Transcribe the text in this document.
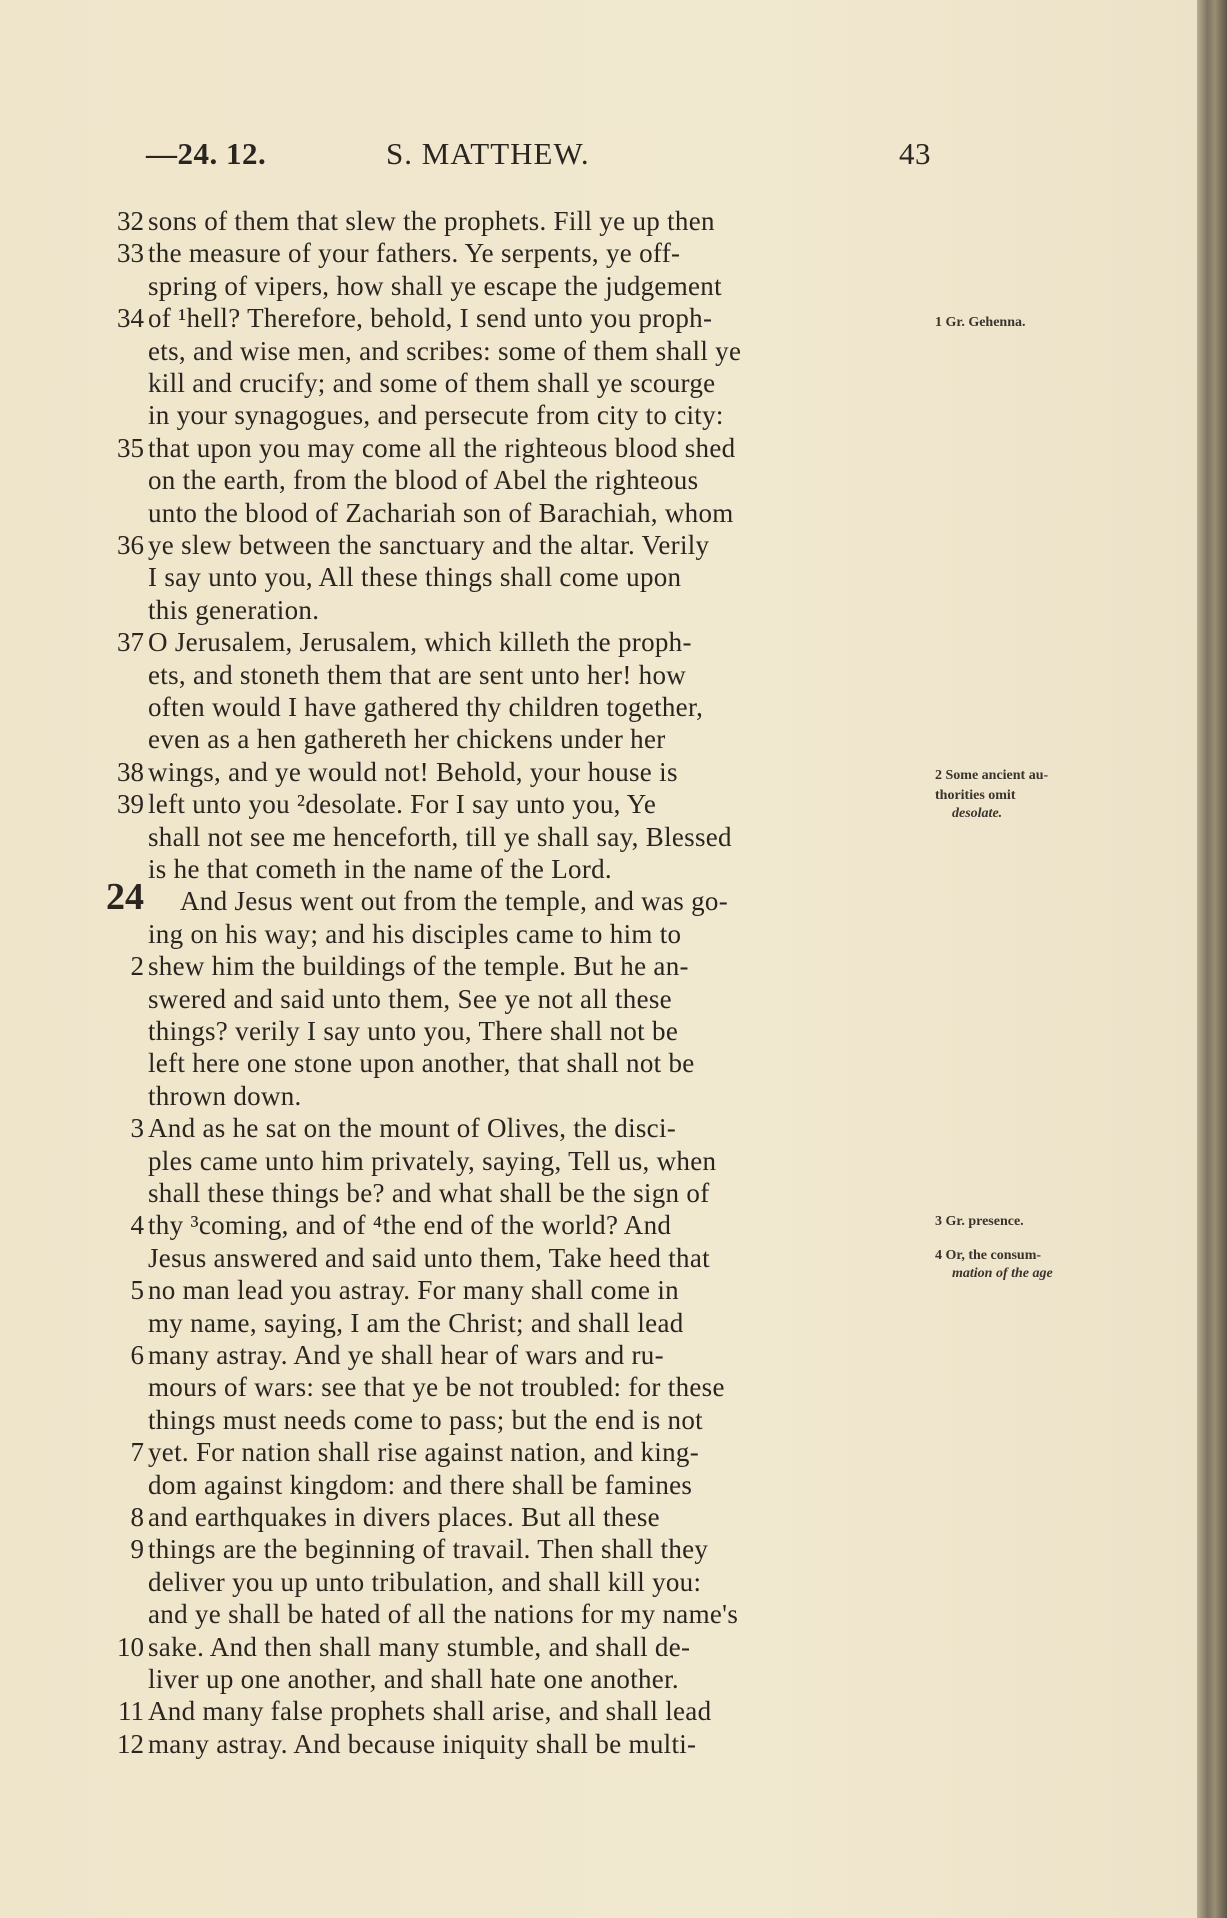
—24. 12.	S. MATTHEW.	43
32 sons of them that slew the prophets. Fill ye up then
33 the measure of your fathers. Ye serpents, ye off-
spring of vipers, how shall ye escape the judgement
34 of ¹hell? Therefore, behold, I send unto you proph-
ets, and wise men, and scribes: some of them shall ye
kill and crucify; and some of them shall ye scourge
in your synagogues, and persecute from city to city:
35 that upon you may come all the righteous blood shed
on the earth, from the blood of Abel the righteous
unto the blood of Zachariah son of Barachiah, whom
36 ye slew between the sanctuary and the altar. Verily
I say unto you, All these things shall come upon
this generation.
37 O Jerusalem, Jerusalem, which killeth the proph-
ets, and stoneth them that are sent unto her! how
often would I have gathered thy children together,
even as a hen gathereth her chickens under her
38 wings, and ye would not! Behold, your house is
39 left unto you ²desolate. For I say unto you, Ye
shall not see me henceforth, till ye shall say, Blessed
is he that cometh in the name of the Lord.
And Jesus went out from the temple, and was go-
ing on his way; and his disciples came to him to
2 shew him the buildings of the temple. But he an-
swered and said unto them, See ye not all these
things? verily I say unto you, There shall not be
left here one stone upon another, that shall not be
thrown down.
3 And as he sat on the mount of Olives, the disci-
ples came unto him privately, saying, Tell us, when
shall these things be? and what shall be the sign of
4 thy ³coming, and of ⁴the end of the world? And
Jesus answered and said unto them, Take heed that
5 no man lead you astray. For many shall come in
my name, saying, I am the Christ; and shall lead
6 many astray. And ye shall hear of wars and ru-
mours of wars: see that ye be not troubled: for these
things must needs come to pass; but the end is not
7 yet. For nation shall rise against nation, and king-
dom against kingdom: and there shall be famines
8 and earthquakes in divers places. But all these
9 things are the beginning of travail. Then shall they
deliver you up unto tribulation, and shall kill you:
and ye shall be hated of all the nations for my name's
10 sake. And then shall many stumble, and shall de-
liver up one another, and shall hate one another.
11 And many false prophets shall arise, and shall lead
12 many astray. And because iniquity shall be multi-
24
1 Gr. Gehenna.
2 Some ancient au-
thorities omit
desolate.
3 Gr. presence.
4 Or, the consum-
mation of the age
